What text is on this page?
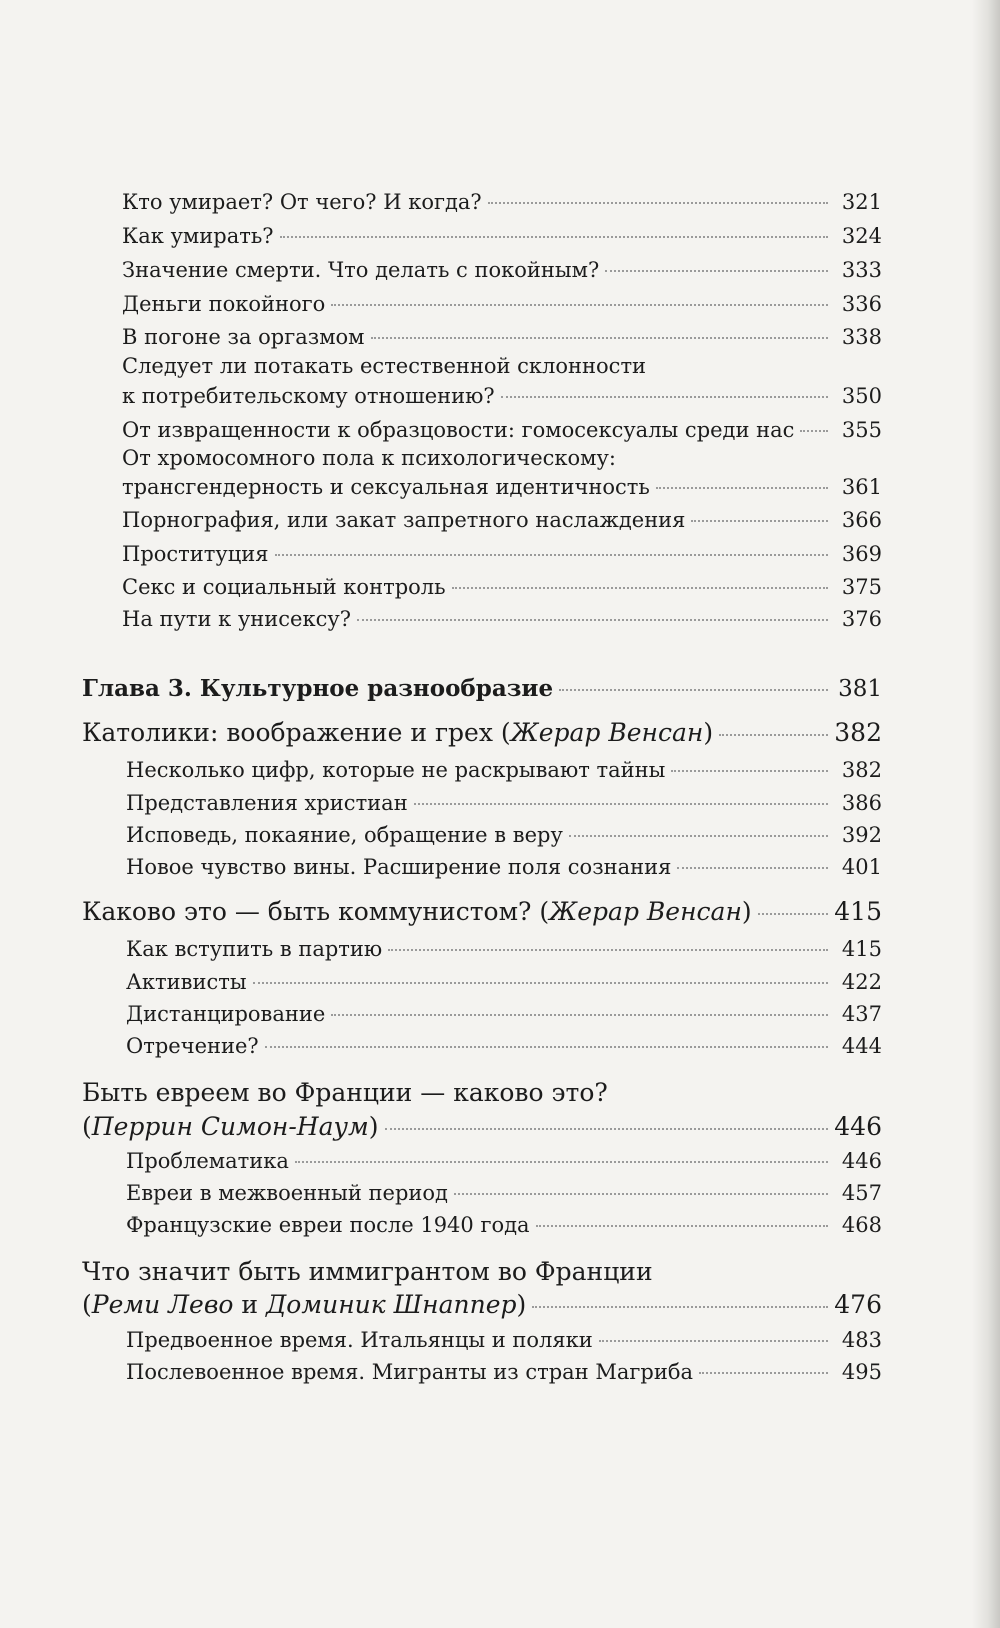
Кто умирает? От чего? И когда?	321
Как умирать?	324
Значение смерти. Что делать с покойным?	333
Деньги покойного	336
В погоне за оргазмом	338
Следует ли потакать естественной склонности
к потребительскому отношению?	350
От извращенности к образцовости: гомосексуалы среди нас	355
От хромосомного пола к психологическому:
трансгендерность и сексуальная идентичность	361
Порнография, или закат запретного наслаждения	366
Проституция	369
Секс и социальный контроль	375
На пути к унисексу?	376
Глава 3. Культурное разнообразие	381
Католики: воображение и грех (Жерар Венсан)	382
Несколько цифр, которые не раскрывают тайны	382
Представления христиан	386
Исповедь, покаяние, обращение в веру	392
Новое чувство вины. Расширение поля сознания	401
Каково это — быть коммунистом? (Жерар Венсан)	415
Как вступить в партию	415
Активисты	422
Дистанцирование	437
Отречение?	444
Быть евреем во Франции — каково это?
(Перрин Симон-Наум)	446
Проблематика	446
Евреи в межвоенный период	457
Французские евреи после 1940 года	468
Что значит быть иммигрантом во Франции
(Реми Лево и Доминик Шнаппер)	476
Предвоенное время. Итальянцы и поляки	483
Послевоенное время. Мигранты из стран Магриба	495
